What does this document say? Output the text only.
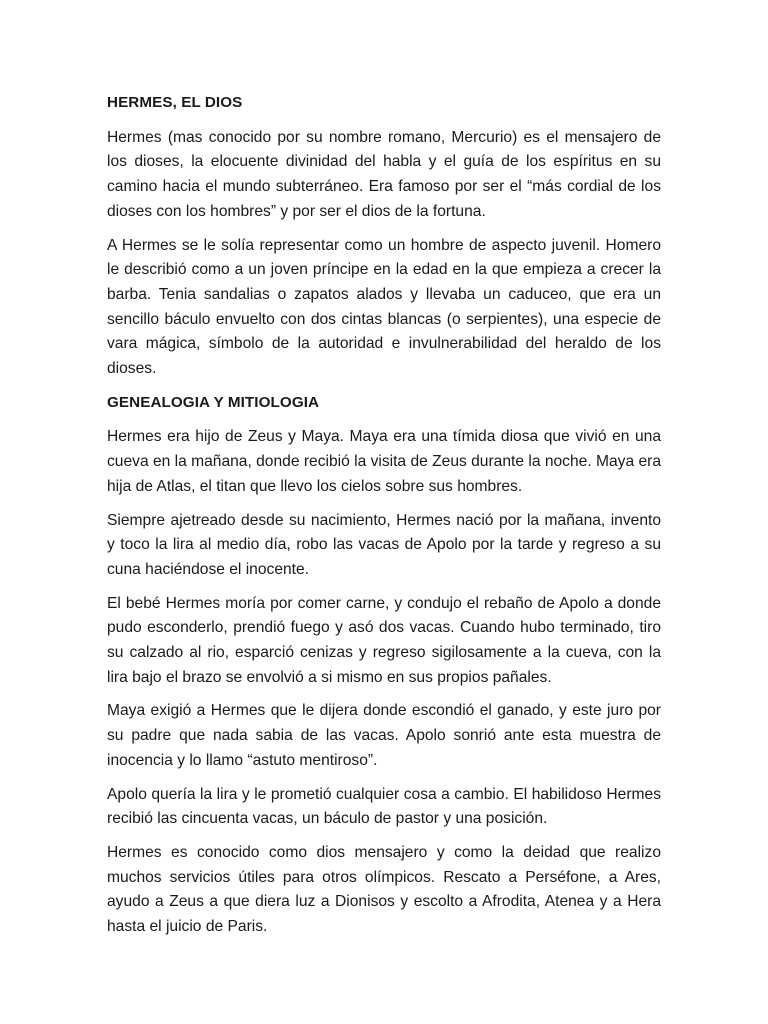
HERMES, EL DIOS
Hermes (mas conocido por su nombre romano, Mercurio) es el mensajero de los dioses, la elocuente divinidad del habla y el guía de los espíritus en su camino hacia el mundo subterráneo. Era famoso por ser el “más cordial de los dioses con los hombres” y por ser el dios de la fortuna.
A Hermes se le solía representar como un hombre de aspecto juvenil. Homero le describió como a un joven príncipe en la edad en la que empieza a crecer la barba. Tenia sandalias o zapatos alados y llevaba un caduceo, que era un sencillo báculo envuelto con dos cintas blancas (o serpientes), una especie de vara mágica, símbolo de la autoridad e invulnerabilidad del heraldo de los dioses.
GENEALOGIA Y MITIOLOGIA
Hermes era hijo de Zeus y Maya. Maya era una tímida diosa que vivió en una cueva en la mañana, donde recibió la visita de Zeus durante la noche. Maya era hija de Atlas, el titan que llevo los cielos sobre sus hombres.
Siempre ajetreado desde su nacimiento, Hermes nació por la mañana, invento y toco la lira al medio día, robo las vacas de Apolo por la tarde y regreso a su cuna haciéndose el inocente.
El bebé Hermes moría por comer carne, y condujo el rebaño de Apolo a donde pudo esconderlo, prendió fuego y asó dos vacas. Cuando hubo terminado, tiro su calzado al rio, esparció cenizas y regreso sigilosamente a la cueva, con la lira bajo el brazo se envolvió a si mismo en sus propios pañales.
Maya exigió a Hermes que le dijera donde escondió el ganado, y este juro por su padre que nada sabia de las vacas. Apolo sonrió ante esta muestra de inocencia y lo llamo “astuto mentiroso”.
Apolo quería la lira y le prometió cualquier cosa a cambio. El habilidoso Hermes recibió las cincuenta vacas, un báculo de pastor y una posición.
Hermes es conocido como dios mensajero y como la deidad que realizo muchos servicios útiles para otros olímpicos. Rescato a Perséfone, a Ares, ayudo a Zeus a que diera luz a Dionisos y escolto a Afrodita, Atenea y a Hera hasta el juicio de Paris.
